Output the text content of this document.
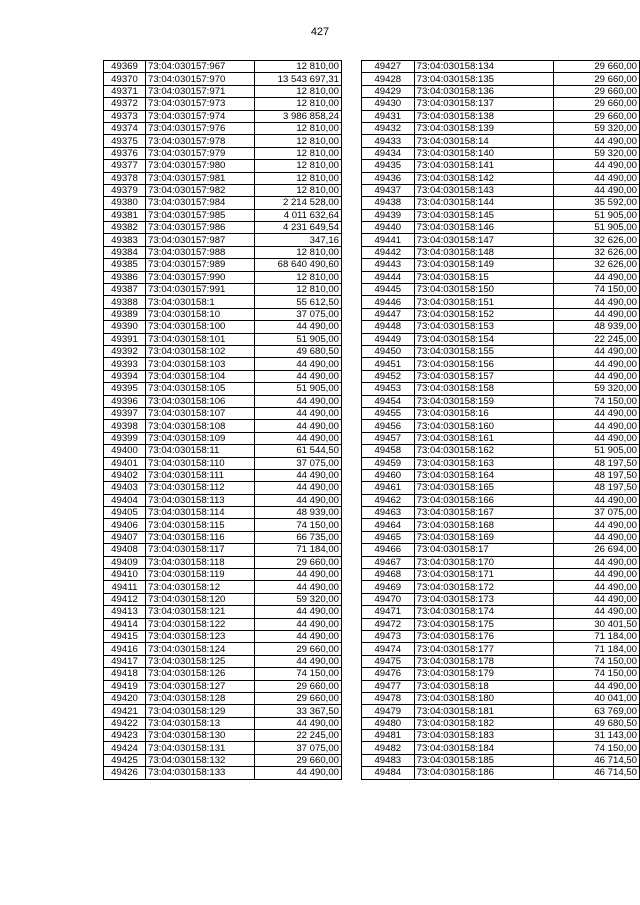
427
49369	73:04:030157:967	12 810,00
49370	73:04:030157:970	13 543 697,31
49371	73:04:030157:971	12 810,00
49372	73:04:030157:973	12 810,00
49373	73:04:030157:974	3 986 858,24
49374	73:04:030157:976	12 810,00
49375	73:04:030157:978	12 810,00
49376	73:04:030157:979	12 810,00
49377	73:04:030157:980	12 810,00
49378	73:04:030157:981	12 810,00
49379	73:04:030157:982	12 810,00
49380	73:04:030157:984	2 214 528,00
49381	73:04:030157:985	4 011 632,64
49382	73:04:030157:986	4 231 649,54
49383	73:04:030157:987	347,16
49384	73:04:030157:988	12 810,00
49385	73:04:030157:989	68 640 490,60
49386	73:04:030157:990	12 810,00
49387	73:04:030157:991	12 810,00
49388	73:04:030158:1	55 612,50
49389	73:04:030158:10	37 075,00
49390	73:04:030158:100	44 490,00
49391	73:04:030158:101	51 905,00
49392	73:04:030158:102	49 680,50
49393	73:04:030158:103	44 490,00
49394	73:04:030158:104	44 490,00
49395	73:04:030158:105	51 905,00
49396	73:04:030158:106	44 490,00
49397	73:04:030158:107	44 490,00
49398	73:04:030158:108	44 490,00
49399	73:04:030158:109	44 490,00
49400	73:04:030158:11	61 544,50
49401	73:04:030158:110	37 075,00
49402	73:04:030158:111	44 490,00
49403	73:04:030158:112	44 490,00
49404	73:04:030158:113	44 490,00
49405	73:04:030158:114	48 939,00
49406	73:04:030158:115	74 150,00
49407	73:04:030158:116	66 735,00
49408	73:04:030158:117	71 184,00
49409	73:04:030158:118	29 660,00
49410	73:04:030158:119	44 490,00
49411	73:04:030158:12	44 490,00
49412	73:04:030158:120	59 320,00
49413	73:04:030158:121	44 490,00
49414	73:04:030158:122	44 490,00
49415	73:04:030158:123	44 490,00
49416	73:04:030158:124	29 660,00
49417	73:04:030158:125	44 490,00
49418	73:04:030158:126	74 150,00
49419	73:04:030158:127	29 660,00
49420	73:04:030158:128	29 660,00
49421	73:04:030158:129	33 367,50
49422	73:04:030158:13	44 490,00
49423	73:04:030158:130	22 245,00
49424	73:04:030158:131	37 075,00
49425	73:04:030158:132	29 660,00
49426	73:04:030158:133	44 490,00
49427	73:04:030158:134	29 660,00
49428	73:04:030158:135	29 660,00
49429	73:04:030158:136	29 660,00
49430	73:04:030158:137	29 660,00
49431	73:04:030158:138	29 660,00
49432	73:04:030158:139	59 320,00
49433	73:04:030158:14	44 490,00
49434	73:04:030158:140	59 320,00
49435	73:04:030158:141	44 490,00
49436	73:04:030158:142	44 490,00
49437	73:04:030158:143	44 490,00
49438	73:04:030158:144	35 592,00
49439	73:04:030158:145	51 905,00
49440	73:04:030158:146	51 905,00
49441	73:04:030158:147	32 626,00
49442	73:04:030158:148	32 626,00
49443	73:04:030158:149	32 626,00
49444	73:04:030158:15	44 490,00
49445	73:04:030158:150	74 150,00
49446	73:04:030158:151	44 490,00
49447	73:04:030158:152	44 490,00
49448	73:04:030158:153	48 939,00
49449	73:04:030158:154	22 245,00
49450	73:04:030158:155	44 490,00
49451	73:04:030158:156	44 490,00
49452	73:04:030158:157	44 490,00
49453	73:04:030158:158	59 320,00
49454	73:04:030158:159	74 150,00
49455	73:04:030158:16	44 490,00
49456	73:04:030158:160	44 490,00
49457	73:04:030158:161	44 490,00
49458	73:04:030158:162	51 905,00
49459	73:04:030158:163	48 197,50
49460	73:04:030158:164	48 197,50
49461	73:04:030158:165	48 197,50
49462	73:04:030158:166	44 490,00
49463	73:04:030158:167	37 075,00
49464	73:04:030158:168	44 490,00
49465	73:04:030158:169	44 490,00
49466	73:04:030158:17	26 694,00
49467	73:04:030158:170	44 490,00
49468	73:04:030158:171	44 490,00
49469	73:04:030158:172	44 490,00
49470	73:04:030158:173	44 490,00
49471	73:04:030158:174	44 490,00
49472	73:04:030158:175	30 401,50
49473	73:04:030158:176	71 184,00
49474	73:04:030158:177	71 184,00
49475	73:04:030158:178	74 150,00
49476	73:04:030158:179	74 150,00
49477	73:04:030158:18	44 490,00
49478	73:04:030158:180	40 041,00
49479	73:04:030158:181	63 769,00
49480	73:04:030158:182	49 680,50
49481	73:04:030158:183	31 143,00
49482	73:04:030158:184	74 150,00
49483	73:04:030158:185	46 714,50
49484	73:04:030158:186	46 714,50
